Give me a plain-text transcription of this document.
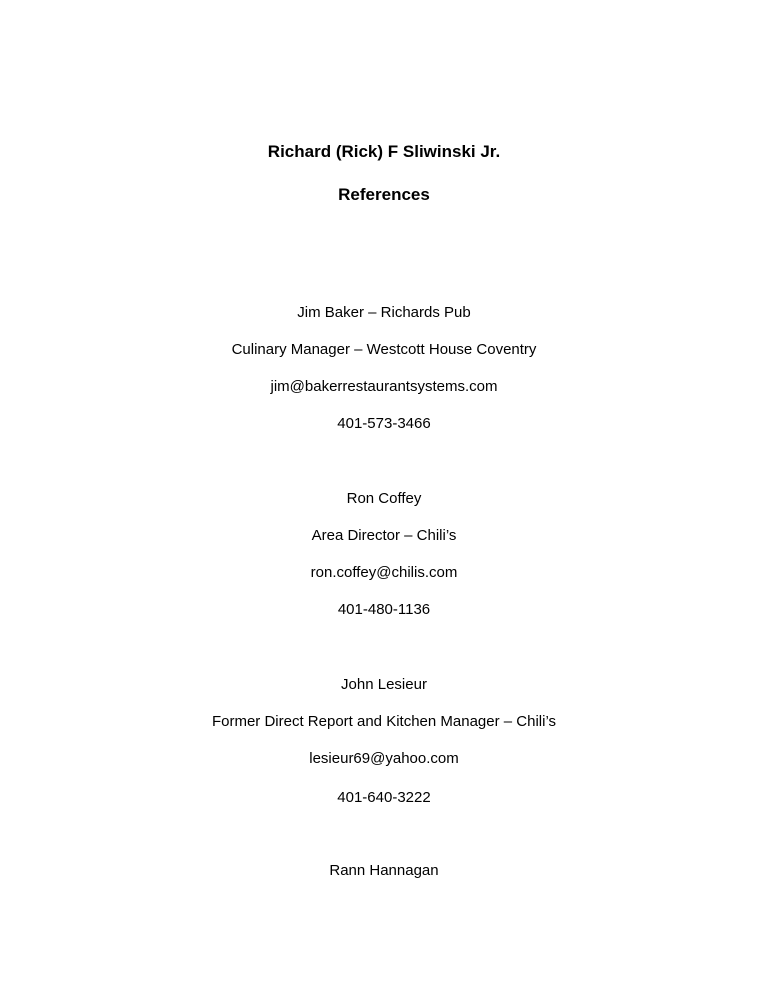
Richard (Rick) F Sliwinski Jr.
References
Jim Baker – Richards Pub
Culinary Manager – Westcott House Coventry
jim@bakerrestaurantsystems.com
401-573-3466
Ron Coffey
Area Director – Chili’s
ron.coffey@chilis.com
401-480-1136
John Lesieur
Former Direct Report and Kitchen Manager – Chili’s
lesieur69@yahoo.com
401-640-3222
Rann Hannagan
